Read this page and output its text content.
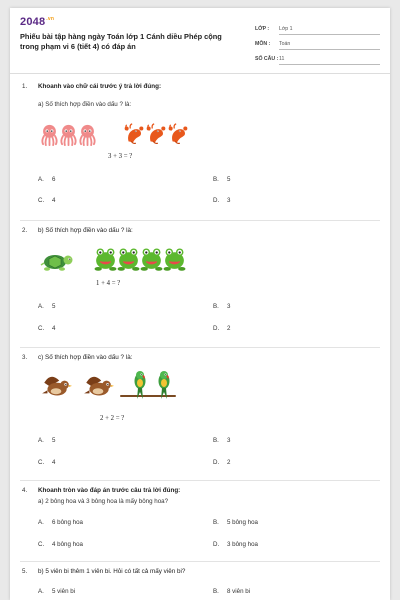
$2048^{.vn}$
Phiếu bài tập hàng ngày Toán lớp 1 Cánh diều Phép cộng trong phạm vi 6 (tiết 4) có đáp án
LỚP : Lớp 1
MÔN : Toán
SỐ CÂU : 11
1. Khoanh vào chữ cái trước ý trả lời đúng:
a) Số thích hợp điền vào dấu ? là:
3 + 3 = ?
A. 6	B. 5
C. 4	D. 3
2. b) Số thích hợp điền vào dấu ? là:
1 + 4 = ?
A. 5	B. 3
C. 4	D. 2
3. c) Số thích hợp điền vào dấu ? là:
2 + 2 = ?
A. 5	B. 3
C. 4	D. 2
4. Khoanh tròn vào đáp án trước câu trả lời đúng:
a) 2 bông hoa và 3 bông hoa là mấy bông hoa?
A. 6 bông hoa	B. 5 bông hoa
C. 4 bông hoa	D. 3 bông hoa
5. b) 5 viên bi thêm 1 viên bi. Hỏi có tất cả mấy viên bi?
A. 5 viên bi	B. 8 viên bi
